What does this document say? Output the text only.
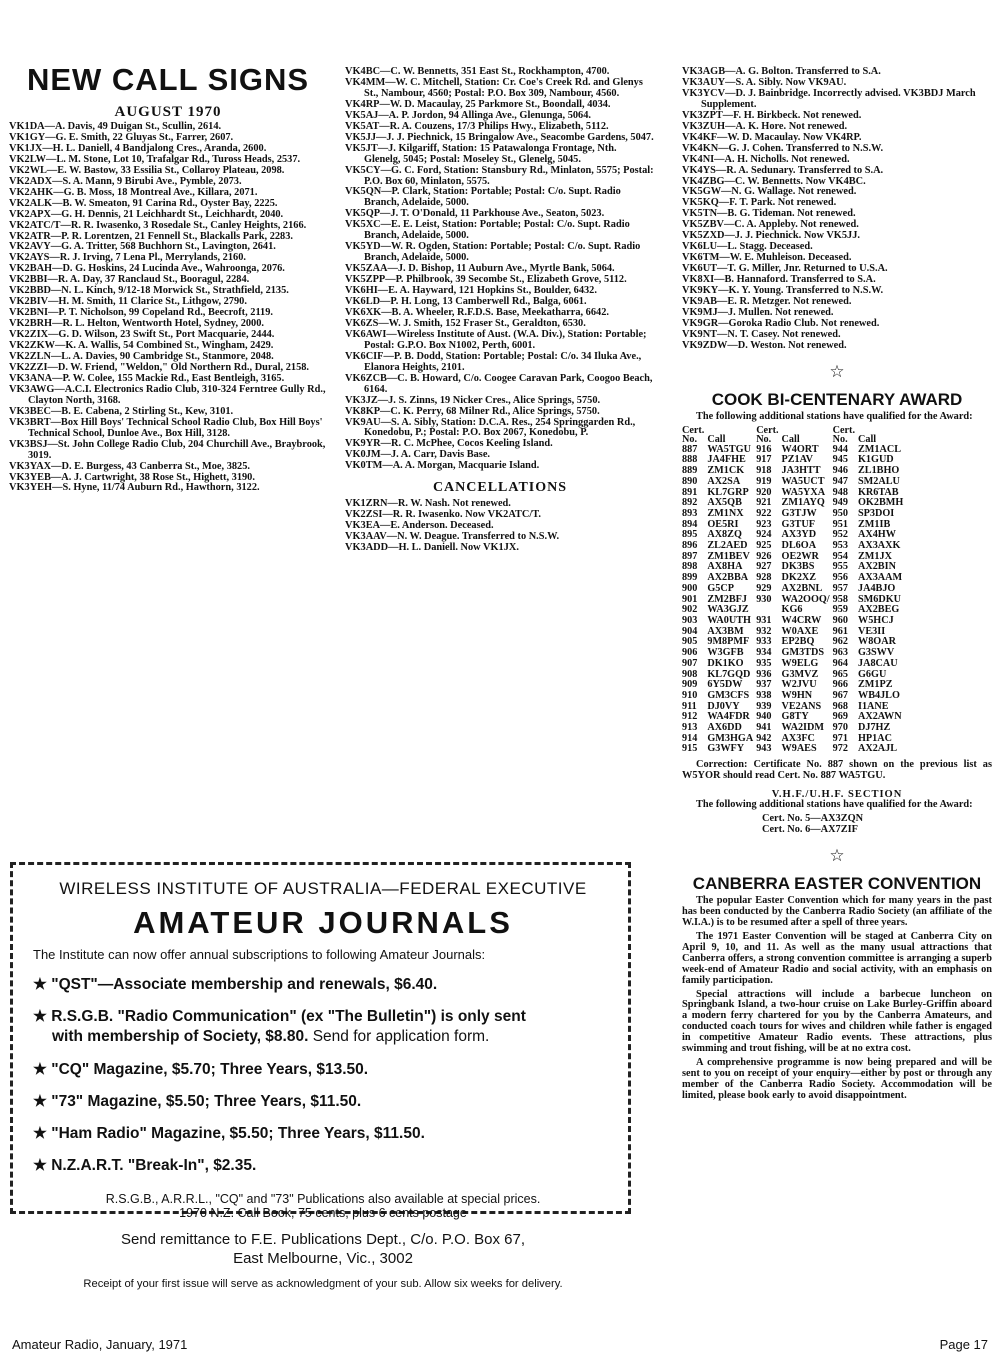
NEW CALL SIGNS
AUGUST 1970
VK1DA—A. Davis, 49 Duigan St., Scullin, 2614.
VK1GY—G. E. Smith, 22 Gluyas St., Farrer, 2607.
VK1JX—H. L. Daniell, 4 Bandjalong Cres., Aranda, 2600.
VK2LW—L. M. Stone, Lot 10, Trafalgar Rd., Tuross Heads, 2537.
VK2WL—E. W. Bastow, 33 Essilia St., Collaroy Plateau, 2098.
VK2ADX—S. A. Mann, 9 Birubi Ave., Pymble, 2073.
VK2AHK—G. B. Moss, 18 Montreal Ave., Killara, 2071.
VK2ALK—B. W. Smeaton, 91 Carina Rd., Oyster Bay, 2225.
VK2APX—G. H. Dennis, 21 Leichhardt St., Leichhardt, 2040.
VK2ATC/T—R. R. Iwasenko, 3 Rosedale St., Canley Heights, 2166.
VK2ATR—P. R. Lorentzen, 21 Fennell St., Blackalls Park, 2283.
VK2AVY—G. A. Tritter, 568 Buchhorn St., Lavington, 2641.
VK2AYS—R. J. Irving, 7 Lena Pl., Merrylands, 2160.
VK2BAH—D. G. Hoskins, 24 Lucinda Ave., Wahroonga, 2076.
VK2BBI—R. A. Day, 37 Ranclaud St., Booragul, 2284.
VK2BBD—N. L. Kinch, 9/12-18 Morwick St., Strathfield, 2135.
VK2BIV—H. M. Smith, 11 Clarice St., Lithgow, 2790.
VK2BNI—P. T. Nicholson, 99 Copeland Rd., Beecroft, 2119.
VK2BRH—R. L. Helton, Wentworth Hotel, Sydney, 2000.
VK2ZIX—G. D. Wilson, 23 Swift St., Port Macquarie, 2444.
VK2ZKW—K. A. Wallis, 54 Combined St., Wingham, 2429.
VK2ZLN—L. A. Davies, 90 Cambridge St., Stanmore, 2048.
VK2ZZI—D. W. Friend, "Weldon," Old Northern Rd., Dural, 2158.
VK3ANA—P. W. Colee, 155 Mackie Rd., East Bentleigh, 3165.
VK3AWG—A.C.I. Electronics Radio Club, 310-324 Ferntree Gully Rd., Clayton North, 3168.
VK3BEC—B. E. Cabena, 2 Stirling St., Kew, 3101.
VK3BRT—Box Hill Boys' Technical School Radio Club, Box Hill Boys' Technical School, Dunloe Ave., Box Hill, 3128.
VK3BSJ—St. John College Radio Club, 204 Churchill Ave., Braybrook, 3019.
VK3YAX—D. E. Burgess, 43 Canberra St., Moe, 3825.
VK3YEB—A. J. Cartwright, 38 Rose St., Highett, 3190.
VK3YEH—S. Hyne, 11/74 Auburn Rd., Hawthorn, 3122.
VK4BC—C. W. Bennetts, 351 East St., Rockhampton, 4700.
VK4MM—W. C. Mitchell, Station: Cr. Coe's Creek Rd. and Glenys St., Nambour, 4560; Postal: P.O. Box 309, Nambour, 4560.
VK4RP—W. D. Macaulay, 25 Parkmore St., Boondall, 4034.
VK5AJ—A. P. Jordon, 94 Allinga Ave., Glenunga, 5064.
VK5AT—R. A. Couzens, 17/3 Philips Hwy., Elizabeth, 5112.
VK5JJ—J. J. Piechnick, 15 Bringalow Ave., Seacombe Gardens, 5047.
VK5JT—J. Kilgariff, Station: 15 Patawalonga Frontage, Nth. Glenelg, 5045; Postal: Moseley St., Glenelg, 5045.
VK5CY—G. C. Ford, Station: Stansbury Rd., Minlaton, 5575; Postal: P.O. Box 60, Minlaton, 5575.
VK5QN—P. Clark, Station: Portable; Postal: C/o. Supt. Radio Branch, Adelaide, 5000.
VK5QP—J. T. O'Donald, 11 Parkhouse Ave., Seaton, 5023.
VK5XC—E. E. Leist, Station: Portable; Postal: C/o. Supt. Radio Branch, Adelaide, 5000.
VK5YD—W. R. Ogden, Station: Portable; Postal: C/o. Supt. Radio Branch, Adelaide, 5000.
VK5ZAA—J. D. Bishop, 11 Auburn Ave., Myrtle Bank, 5064.
VK5ZPP—P. Philbrook, 39 Secombe St., Elizabeth Grove, 5112.
VK6HI—E. A. Hayward, 121 Hopkins St., Boulder, 6432.
VK6LD—P. H. Long, 13 Camberwell Rd., Balga, 6061.
VK6XK—B. A. Wheeler, R.F.D.S. Base, Meekatharra, 6642.
VK6ZS—W. J. Smith, 152 Fraser St., Geraldton, 6530.
VK6AWI—Wireless Institute of Aust. (W.A. Div.), Station: Portable; Postal: G.P.O. Box N1002, Perth, 6001.
VK6CIF—P. B. Dodd, Station: Portable; Postal: C/o. 34 Iluka Ave., Elanora Heights, 2101.
VK6ZCB—C. B. Howard, C/o. Coogee Caravan Park, Coogoo Beach, 6164.
VK3JZ—J. S. Zinns, 19 Nicker Cres., Alice Springs, 5750.
VK8KP—C. K. Perry, 68 Milner Rd., Alice Springs, 5750.
VK9AU—S. A. Sibly, Station: D.C.A. Res., 254 Springgarden Rd., Konedobu, P.; Postal: P.O. Box 2067, Konedobu, P.
VK9YR—R. C. McPhee, Cocos Keeling Island.
VK0JM—J. A. Carr, Davis Base.
VK0TM—A. A. Morgan, Macquarie Island.
CANCELLATIONS
VK1ZRN—R. W. Nash. Not renewed.
VK2ZSI—R. R. Iwasenko. Now VK2ATC/T.
VK3EA—E. Anderson. Deceased.
VK3AAV—N. W. Deague. Transferred to N.S.W.
VK3ADD—H. L. Daniell. Now VK1JX.
VK3AGB—A. G. Bolton. Transferred to S.A.
VK3AUY—S. A. Sibly. Now VK9AU.
VK3YCV—D. J. Bainbridge. Incorrectly advised. VK3BDJ March Supplement.
VK3ZPT—F. H. Birkbeck. Not renewed.
VK3ZUH—A. K. Hore. Not renewed.
VK4KF—W. D. Macaulay. Now VK4RP.
VK4KN—G. J. Cohen. Transferred to N.S.W.
VK4NI—A. H. Nicholls. Not renewed.
VK4YS—R. A. Sedunary. Transferred to S.A.
VK4ZBG—C. W. Bennetts. Now VK4BC.
VK5GW—N. G. Wallage. Not renewed.
VK5KQ—F. T. Park. Not renewed.
VK5TN—B. G. Tideman. Not renewed.
VK5ZBV—C. A. Appleby. Not renewed.
VK5ZXD—J. J. Piechnick. Now VK5JJ.
VK6LU—L. Stagg. Deceased.
VK6TM—W. E. Muhleison. Deceased.
VK6UT—T. G. Miller, Jnr. Returned to U.S.A.
VK8XI—B. Hannaford. Transferred to S.A.
VK9KY—K. Y. Young. Transferred to N.S.W.
VK9AB—E. R. Metzger. Not renewed.
VK9MJ—J. Mullen. Not renewed.
VK9GR—Goroka Radio Club. Not renewed.
VK9NT—N. T. Casey. Not renewed.
VK9ZDW—D. Weston. Not renewed.
☆
COOK BI-CENTENARY AWARD

The following additional stations have qualified for the Award:

Cert.		Cert.		Cert.	
No.	Call	No.	Call	No.	Call
887	WA5TGU	916	W4ORT	944	ZM1ACL
888	JA4FHE	917	PZ1AV	945	K1GUD
889	ZM1CK	918	JA3HTT	946	ZL1BHO
890	AX2SA	919	WA5UCT	947	SM2ALU
891	KL7GRP	920	WA5YXA	948	KR6TAB
892	AX5QB	921	ZM1AYQ	949	OK2BMH
893	ZM1NX	922	G3TJW	950	SP3DOI
894	OE5RI	923	G3TUF	951	ZM1IB
895	AX8ZQ	924	AX3YD	952	AX4HW
896	ZL2AED	925	DL6OA	953	AX3AXK
897	ZM1BEV	926	OE2WR	954	ZM1JX
898	AX8HA	927	DK3BS	955	AX2BIN
899	AX2BBA	928	DK2XZ	956	AX3AAM
900	G5CP	929	AX2BNL	957	JA4BJO
901	ZM2BFJ	930	WA2OOQ/	958	SM6DKU
902	WA3GJZ		KG6	959	AX2BEG
903	WA0UTH	931	W4CRW	960	W5HCJ
904	AX3BM	932	W0AXE	961	VE3II
905	9M8PMF	933	EP2BQ	962	W8OAR
906	W3GFB	934	GM3TDS	963	G3SWV
907	DK1KO	935	W9ELG	964	JA8CAU
908	KL7GQD	936	G3MVZ	965	G6GU
909	6Y5DW	937	W2JVU	966	ZM1PZ
910	GM3CFS	938	W9HN	967	WB4JLO
911	DJ0VY	939	VE2ANS	968	I1ANE
912	WA4FDR	940	G8TY	969	AX2AWN
913	AX6DD	941	WA2IDM	970	DJ7HZ
914	GM3HGA	942	AX3FC	971	HP1AC
915	G3WFY	943	W9AES	972	AX2AJL

Correction: Certificate No. 887 shown on the previous list as W5YOR should read Cert. No. 887 WA5TGU.

V.H.F./U.H.F. SECTION

The following additional stations have qualified for the Award:

Cert. No. 5—AX3ZQN
Cert. No. 6—AX7ZIF
☆
CANBERRA EASTER CONVENTION

The popular Easter Convention which for many years in the past has been conducted by the Canberra Radio Society (an affiliate of the W.I.A.) is to be resumed after a spell of three years.

The 1971 Easter Convention will be staged at Canberra City on April 9, 10, and 11. As well as the many usual attractions that Canberra offers, a strong convention committee is arranging a superb week-end of Amateur Radio and social activity, with an emphasis on family participation.

Special attractions will include a barbecue luncheon on Springbank Island, a two-hour cruise on Lake Burley-Griffin aboard a modern ferry chartered for you by the Canberra Amateurs, and conducted coach tours for wives and children while father is engaged in competitive Amateur Radio events. These attractions, plus swimming and trout fishing, will be at no extra cost.

A comprehensive programme is now being prepared and will be sent to you on receipt of your enquiry—either by post or through any member of the Canberra Radio Society. Accommodation will be limited, please book early to avoid disappointment.

WIRELESS INSTITUTE OF AUSTRALIA—FEDERAL EXECUTIVE
AMATEUR JOURNALS
The Institute can now offer annual subscriptions to following Amateur Journals:
★ "QST"—Associate membership and renewals, $6.40.
★ R.S.G.B. "Radio Communication" (ex "The Bulletin") is only sent
with membership of Society, $8.80. Send for application form.
★ "CQ" Magazine, $5.70; Three Years, $13.50.
★ "73" Magazine, $5.50; Three Years, $11.50.
★ "Ham Radio" Magazine, $5.50; Three Years, $11.50.
★ N.Z.A.R.T. "Break-In", $2.35.
R.S.G.B., A.R.R.L., "CQ" and "73" Publications also available at special prices.
1970 N.Z. Call Book, 75 cents, plus 6 cents postage
Send remittance to F.E. Publications Dept., C/o. P.O. Box 67,
East Melbourne, Vic., 3002
Receipt of your first issue will serve as acknowledgment of your sub. Allow six weeks for delivery.
Amateur Radio, January, 1971	Page 17
